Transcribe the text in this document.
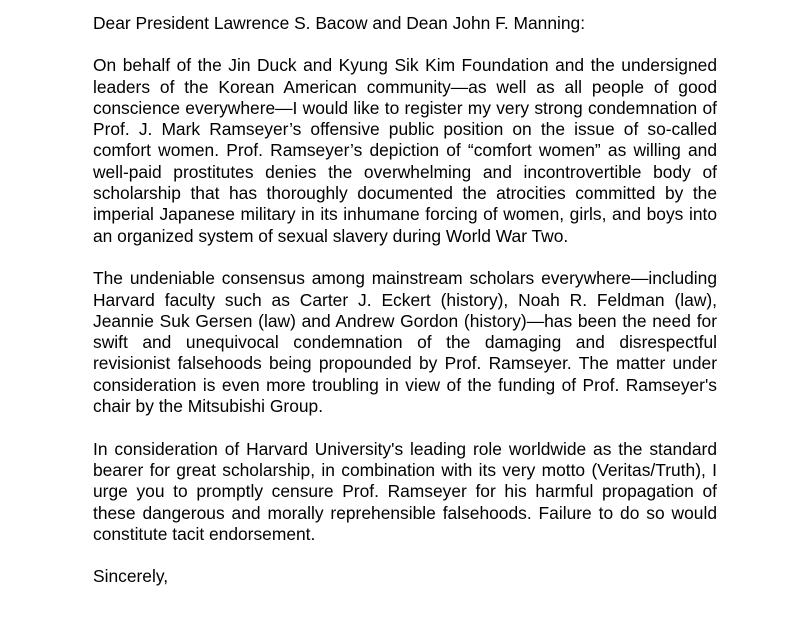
Dear President Lawrence S. Bacow and Dean John F. Manning:

On behalf of the Jin Duck and Kyung Sik Kim Foundation and the undersigned leaders of the Korean American community—as well as all people of good conscience everywhere—I would like to register my very strong condemnation of Prof. J. Mark Ramseyer’s offensive public position on the issue of so-called comfort women. Prof. Ramseyer’s depiction of “comfort women” as willing and well-paid prostitutes denies the overwhelming and incontrovertible body of scholarship that has thoroughly documented the atrocities committed by the imperial Japanese military in its inhumane forcing of women, girls, and boys into an organized system of sexual slavery during World War Two.

The undeniable consensus among mainstream scholars everywhere—including Harvard faculty such as Carter J. Eckert (history), Noah R. Feldman (law), Jeannie Suk Gersen (law) and Andrew Gordon (history)—has been the need for swift and unequivocal condemnation of the damaging and disrespectful revisionist falsehoods being propounded by Prof. Ramseyer. The matter under consideration is even more troubling in view of the funding of Prof. Ramseyer's chair by the Mitsubishi Group.

In consideration of Harvard University's leading role worldwide as the standard bearer for great scholarship, in combination with its very motto (Veritas/Truth), I urge you to promptly censure Prof. Ramseyer for his harmful propagation of these dangerous and morally reprehensible falsehoods. Failure to do so would constitute tacit endorsement.

Sincerely,
